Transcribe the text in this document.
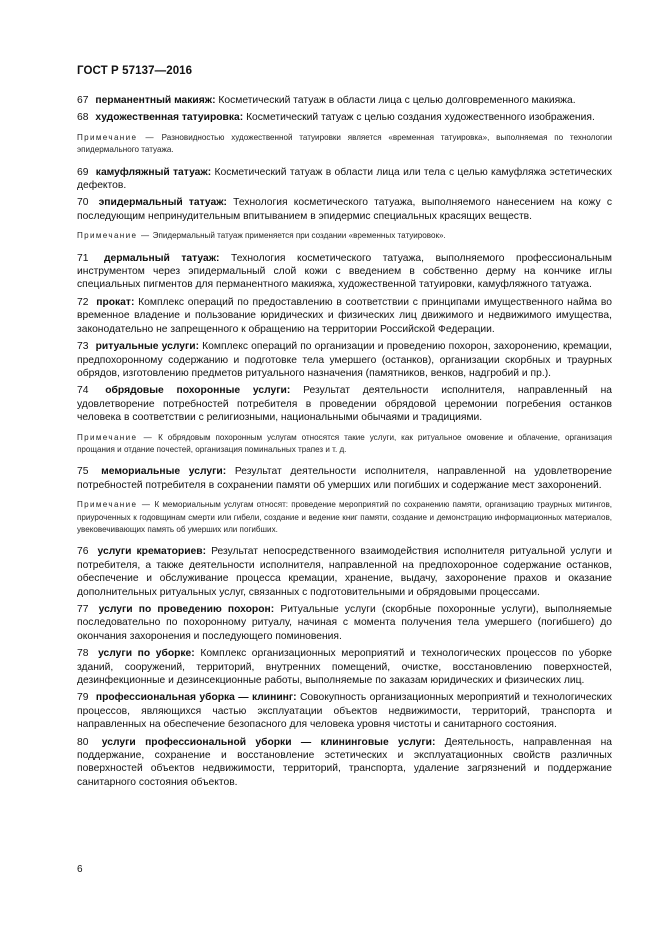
ГОСТ Р 57137—2016

67 перманентный макияж: Косметический татуаж в области лица с целью долговременного макияжа.

68 художественная татуировка: Косметический татуаж с целью создания художественного изображения.

Примечание — Разновидностью художественной татуировки является «временная татуировка», выполняемая по технологии эпидермального татуажа.

69 камуфляжный татуаж: Косметический татуаж в области лица или тела с целью камуфляжа эстетических дефектов.

70 эпидермальный татуаж: Технология косметического татуажа, выполняемого нанесением на кожу с последующим непринудительным впитыванием в эпидермис специальных красящих веществ.

Примечание — Эпидермальный татуаж применяется при создании «временных татуировок».

71 дермальный татуаж: Технология косметического татуажа, выполняемого профессиональным инструментом через эпидермальный слой кожи с введением в собственно дерму на кончике иглы специальных пигментов для перманентного макияжа, художественной татуировки, камуфляжного татуажа.

72 прокат: Комплекс операций по предоставлению в соответствии с принципами имущественного найма во временное владение и пользование юридических и физических лиц движимого и недвижимого имущества, законодательно не запрещенного к обращению на территории Российской Федерации.

73 ритуальные услуги: Комплекс операций по организации и проведению похорон, захоронению, кремации, предпохоронному содержанию и подготовке тела умершего (останков), организации скорбных и траурных обрядов, изготовлению предметов ритуального назначения (памятников, венков, надгробий и пр.).

74 обрядовые похоронные услуги: Результат деятельности исполнителя, направленный на удовлетворение потребностей потребителя в проведении обрядовой церемонии погребения останков человека в соответствии с религиозными, национальными обычаями и традициями.

Примечание — К обрядовым похоронным услугам относятся такие услуги, как ритуальное омовение и облачение, организация прощания и отдание почестей, организация поминальных трапез и т. д.

75 мемориальные услуги: Результат деятельности исполнителя, направленной на удовлетворение потребностей потребителя в сохранении памяти об умерших или погибших и содержание мест захоронений.

Примечание — К мемориальным услугам относят: проведение мероприятий по сохранению памяти, организацию траурных митингов, приуроченных к годовщинам смерти или гибели, создание и ведение книг памяти, создание и демонстрацию информационных материалов, увековечивающих память об умерших или погибших.

76 услуги крематориев: Результат непосредственного взаимодействия исполнителя ритуальной услуги и потребителя, а также деятельности исполнителя, направленной на предпохоронное содержание останков, обеспечение и обслуживание процесса кремации, хранение, выдачу, захоронение прахов и оказание дополнительных ритуальных услуг, связанных с подготовительными и обрядовыми процессами.

77 услуги по проведению похорон: Ритуальные услуги (скорбные похоронные услуги), выполняемые последовательно по похоронному ритуалу, начиная с момента получения тела умершего (погибшего) до окончания захоронения и последующего поминовения.

78 услуги по уборке: Комплекс организационных мероприятий и технологических процессов по уборке зданий, сооружений, территорий, внутренних помещений, очистке, восстановлению поверхностей, дезинфекционные и дезинсекционные работы, выполняемые по заказам юридических и физических лиц.

79 профессиональная уборка — клининг: Совокупность организационных мероприятий и технологических процессов, являющихся частью эксплуатации объектов недвижимости, территорий, транспорта и направленных на обеспечение безопасного для человека уровня чистоты и санитарного состояния.

80 услуги профессиональной уборки — клининговые услуги: Деятельность, направленная на поддержание, сохранение и восстановление эстетических и эксплуатационных свойств различных поверхностей объектов недвижимости, территорий, транспорта, удаление загрязнений и поддержание санитарного состояния объектов.

6
